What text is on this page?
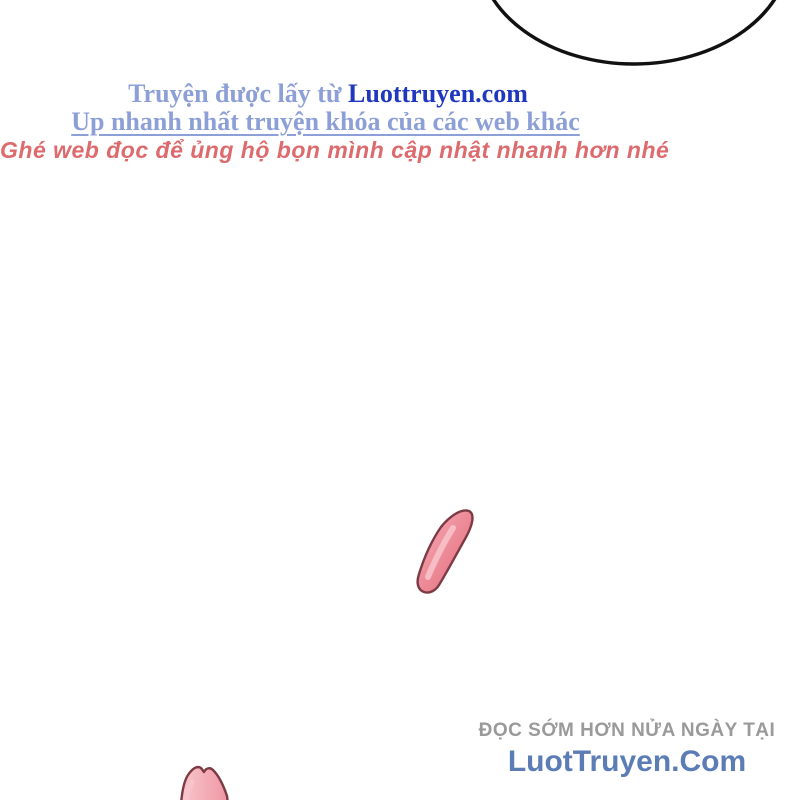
Truyện được lấy từ Luottruyen.com
Up nhanh nhất truyện khóa của các web khác
Ghé web đọc để ủng hộ bọn mình cập nhật nhanh hơn nhé
ĐỌC SỚM HƠN NỬA NGÀY TẠI
LuotTruyen.Com
